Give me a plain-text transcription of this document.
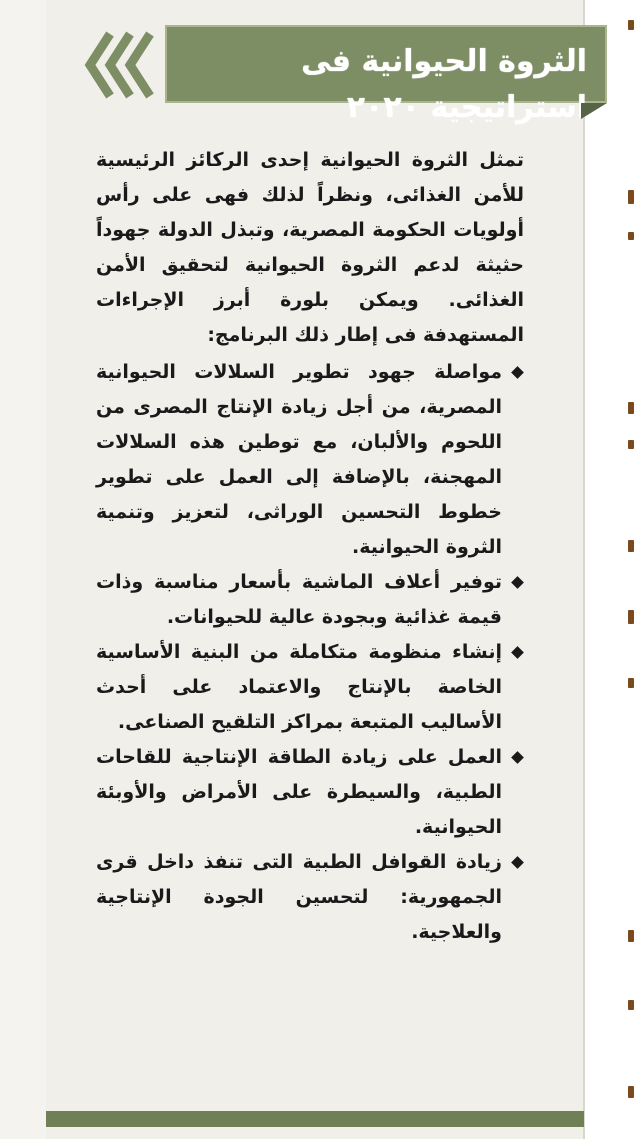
الثروة الحيوانية فى استراتيجية ٢٠٢٠

تمثل الثروة الحيوانية إحدى الركائز الرئيسية للأمن الغذائى، ونظراً لذلك فهى على رأس أولويات الحكومة المصرية، وتبذل الدولة جهوداً حثيثة لدعم الثروة الحيوانية لتحقيق الأمن الغذائى. ويمكن بلورة أبرز الإجراءات المستهدفة فى إطار ذلك البرنامج:

مواصلة جهود تطوير السلالات الحيوانية المصرية، من أجل زيادة الإنتاج المصرى من اللحوم والألبان، مع توطين هذه السلالات المهجنة، بالإضافة إلى العمل على تطوير خطوط التحسين الوراثى، لتعزيز وتنمية الثروة الحيوانية.
توفير أعلاف الماشية بأسعار مناسبة وذات قيمة غذائية وبجودة عالية للحيوانات.
إنشاء منظومة متكاملة من البنية الأساسية الخاصة بالإنتاج والاعتماد على أحدث الأساليب المتبعة بمراكز التلقيح الصناعى.
العمل على زيادة الطاقة الإنتاجية للقاحات الطبية، والسيطرة على الأمراض والأوبئة الحيوانية.
زيادة القوافل الطبية التى تنفذ داخل قرى الجمهورية: لتحسين الجودة الإنتاجية والعلاجية.
